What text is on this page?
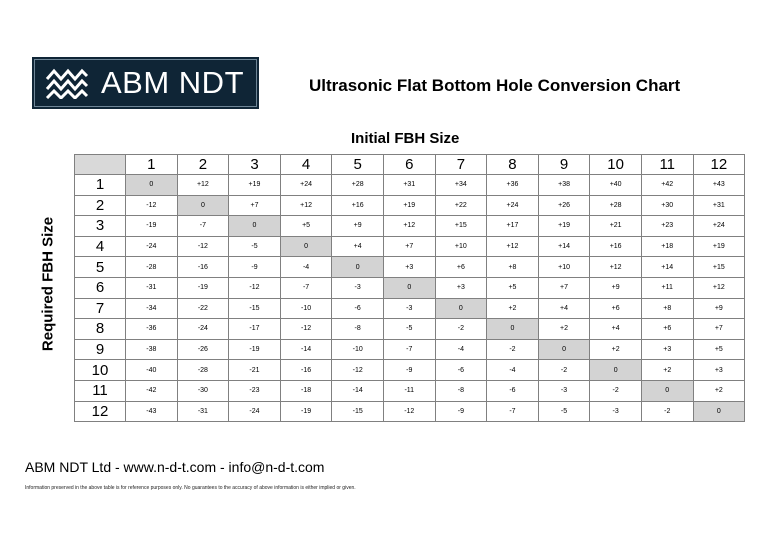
ABM NDT	Ultrasonic Flat Bottom Hole Conversion Chart
Initial FBH Size
Required FBH Size
	1	2	3	4	5	6	7	8	9	10	11	12
1	0	+12	+19	+24	+28	+31	+34	+36	+38	+40	+42	+43
2	-12	0	+7	+12	+16	+19	+22	+24	+26	+28	+30	+31
3	-19	-7	0	+5	+9	+12	+15	+17	+19	+21	+23	+24
4	-24	-12	-5	0	+4	+7	+10	+12	+14	+16	+18	+19
5	-28	-16	-9	-4	0	+3	+6	+8	+10	+12	+14	+15
6	-31	-19	-12	-7	-3	0	+3	+5	+7	+9	+11	+12
7	-34	-22	-15	-10	-6	-3	0	+2	+4	+6	+8	+9
8	-36	-24	-17	-12	-8	-5	-2	0	+2	+4	+6	+7
9	-38	-26	-19	-14	-10	-7	-4	-2	0	+2	+3	+5
10	-40	-28	-21	-16	-12	-9	-6	-4	-2	0	+2	+3
11	-42	-30	-23	-18	-14	-11	-8	-6	-3	-2	0	+2
12	-43	-31	-24	-19	-15	-12	-9	-7	-5	-3	-2	0
ABM NDT Ltd - www.n-d-t.com - info@n-d-t.com
Information preserved in the above table is for reference purposes only. No guarantees to the accuracy of above information is either implied or given.
